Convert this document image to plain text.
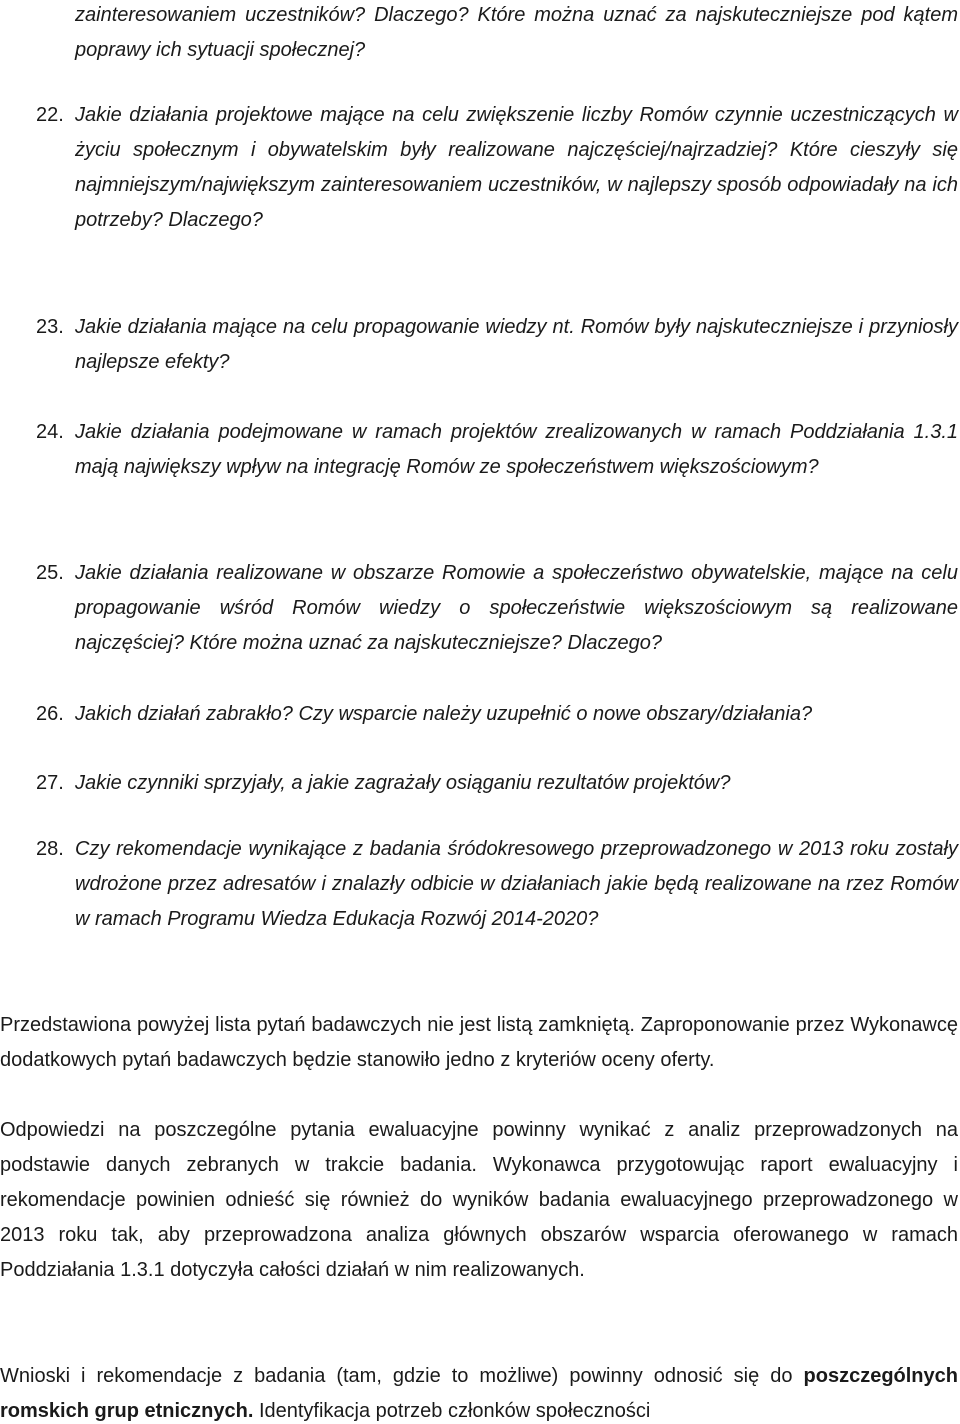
zainteresowaniem uczestników? Dlaczego? Które można uznać za najskuteczniejsze pod kątem poprawy ich sytuacji społecznej?
22. Jakie działania projektowe mające na celu zwiększenie liczby Romów czynnie uczestniczących w życiu społecznym i obywatelskim były realizowane najczęściej/najrzadziej? Które cieszyły się najmniejszym/największym zainteresowaniem uczestników, w najlepszy sposób odpowiadały na ich potrzeby? Dlaczego?
23. Jakie działania mające na celu propagowanie wiedzy nt. Romów były najskuteczniejsze i przyniosły najlepsze efekty?
24. Jakie działania podejmowane w ramach projektów zrealizowanych w ramach Poddziałania 1.3.1 mają największy wpływ na integrację Romów ze społeczeństwem większościowym?
25. Jakie działania realizowane w obszarze Romowie a społeczeństwo obywatelskie, mające na celu propagowanie wśród Romów wiedzy o społeczeństwie większościowym są realizowane najczęściej? Które można uznać za najskuteczniejsze? Dlaczego?
26. Jakich działań zabrakło? Czy wsparcie należy uzupełnić o nowe obszary/działania?
27. Jakie czynniki sprzyjały, a jakie zagrażały osiąganiu rezultatów projektów?
28. Czy rekomendacje wynikające z badania śródokresowego przeprowadzonego w 2013 roku zostały wdrożone przez adresatów i znalazły odbicie w działaniach jakie będą realizowane na rzez Romów w ramach Programu Wiedza Edukacja Rozwój 2014-2020?
Przedstawiona powyżej lista pytań badawczych nie jest listą zamkniętą. Zaproponowanie przez Wykonawcę dodatkowych pytań badawczych będzie stanowiło jedno z kryteriów oceny oferty.
Odpowiedzi na poszczególne pytania ewaluacyjne powinny wynikać z analiz przeprowadzonych na podstawie danych zebranych w trakcie badania. Wykonawca przygotowując raport ewaluacyjny i rekomendacje powinien odnieść się również do wyników badania ewaluacyjnego przeprowadzonego w 2013 roku tak, aby przeprowadzona analiza głównych obszarów wsparcia oferowanego w ramach Poddziałania 1.3.1 dotyczyła całości działań w nim realizowanych.
Wnioski i rekomendacje z badania (tam, gdzie to możliwe) powinny odnosić się do poszczególnych romskich grup etnicznych. Identyfikacja potrzeb członków społeczności
